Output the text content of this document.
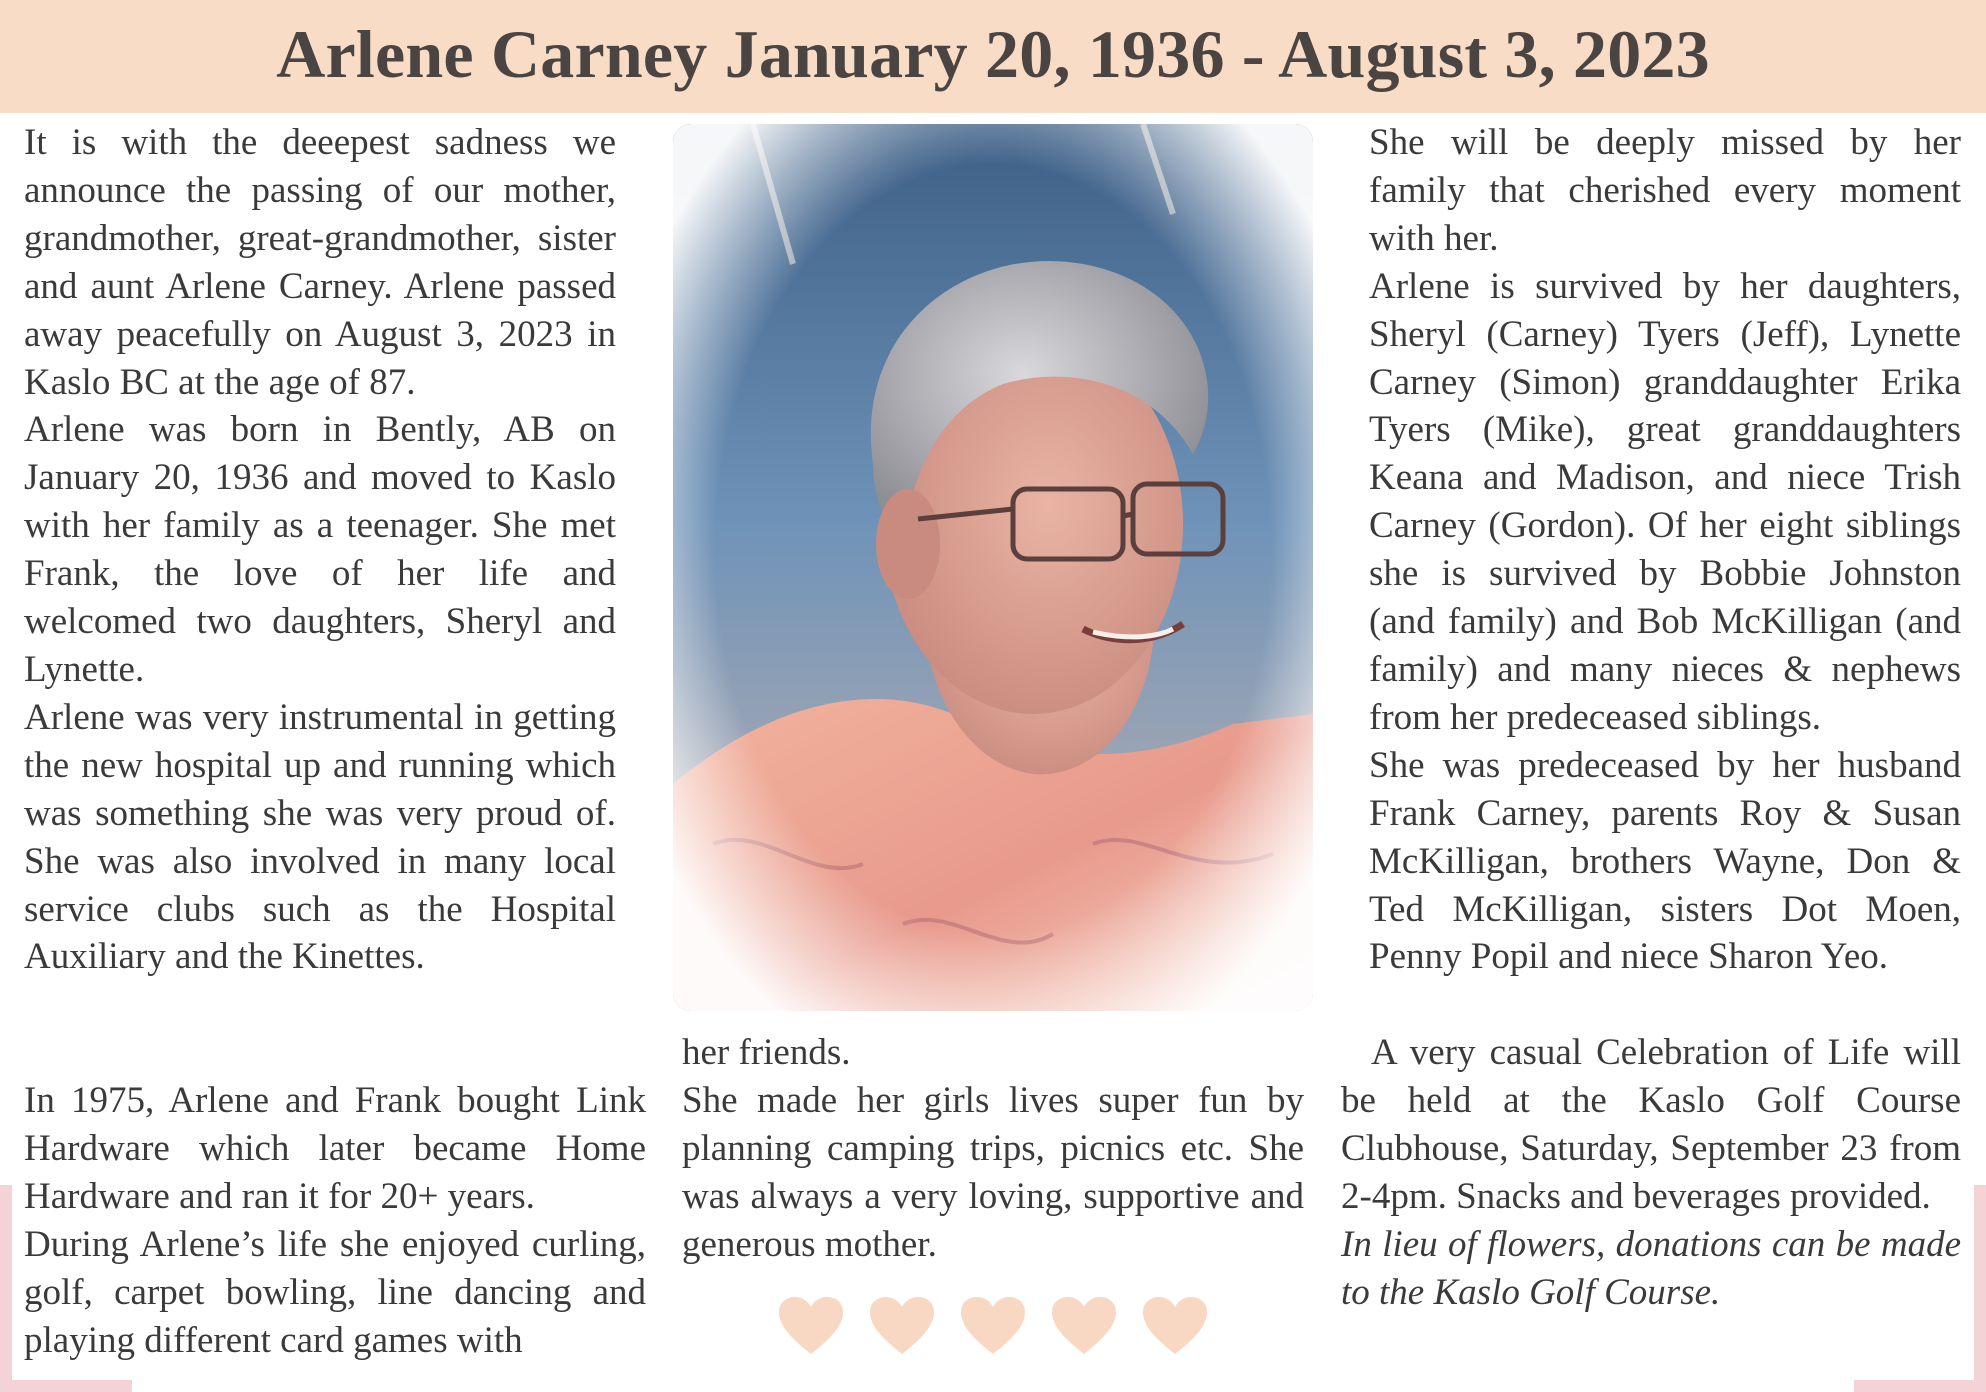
Arlene Carney January 20, 1936 - August 3, 2023

It is with the deeepest sadness we announce the passing of our mother, grandmother, great-grandmother, sister and aunt Arlene Carney. Arlene passed away peacefully on August 3, 2023 in Kaslo BC at the age of 87.

Arlene was born in Bently, AB on January 20, 1936 and moved to Kaslo with her family as a teenager. She met Frank, the love of her life and welcomed two daughters, Sheryl and Lynette.

Arlene was very instrumental in getting the new hospital up and running which was something she was very proud of. She was also involved in many local service clubs such as the Hospital Auxiliary and the Kinettes.

In 1975, Arlene and Frank bought Link Hardware which later became Home Hardware and ran it for 20+ years.

During Arlene’s life she enjoyed curling, golf, carpet bowling, line dancing and playing different card games with

her friends.

She made her girls lives super fun by planning camping trips, picnics etc. She was always a very loving, supportive and generous mother.

She will be deeply missed by her family that cherished every moment with her.

Arlene is survived by her daughters, Sheryl (Carney) Tyers (Jeff), Lynette Carney (Simon) granddaughter Erika Tyers (Mike), great granddaughters Keana and Madison, and niece Trish Carney (Gordon). Of her eight siblings she is survived by Bobbie Johnston (and family) and Bob McKilligan (and family) and many nieces & nephews from her predeceased siblings.

She was predeceased by her husband Frank Carney, parents Roy & Susan McKilligan, brothers Wayne, Don & Ted McKilligan, sisters Dot Moen, Penny Popil and niece Sharon Yeo.

A very casual Celebration of Life will be held at the Kaslo Golf Course Clubhouse, Saturday, September 23 from 2-4pm. Snacks and beverages provided.

In lieu of flowers, donations can be made to the Kaslo Golf Course.
